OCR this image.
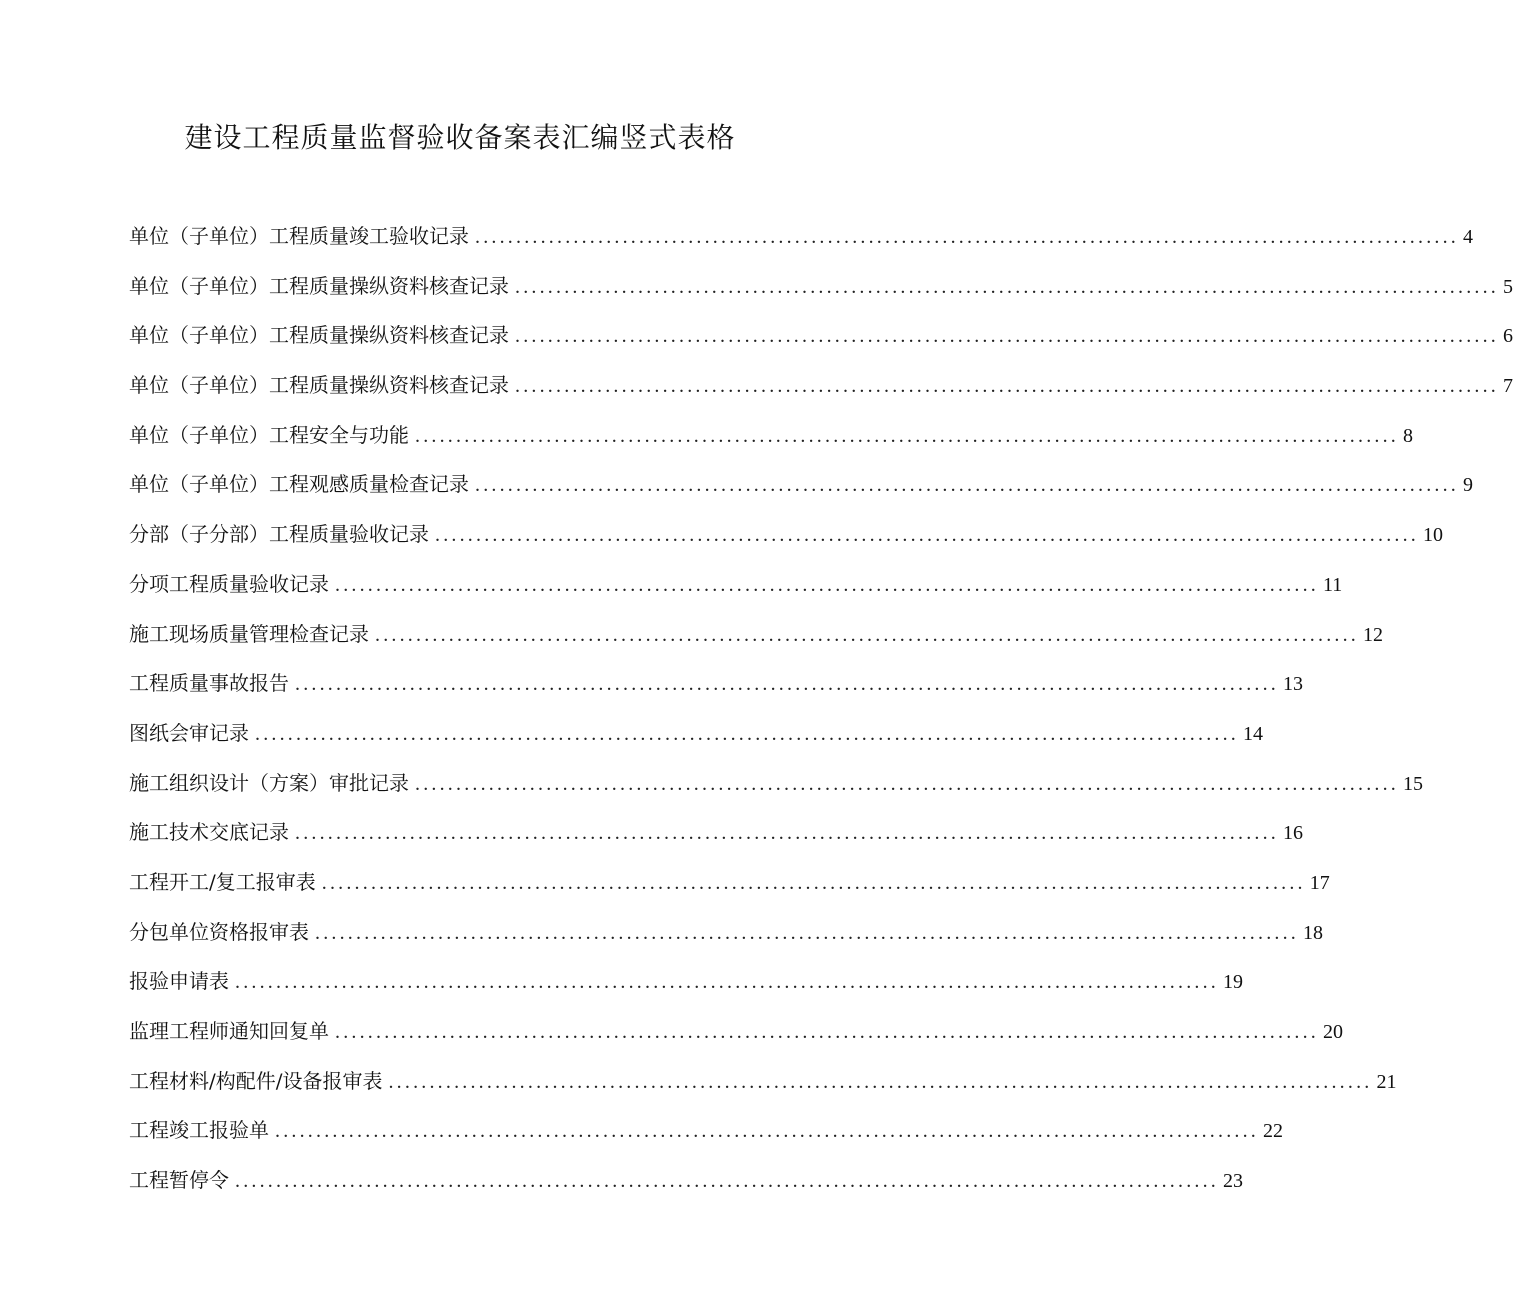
建设工程质量监督验收备案表汇编竖式表格
单位（子单位）工程质量竣工验收记录 ........................................................................................................................ 4
单位（子单位）工程质量操纵资料核查记录 ........................................................................................................................ 5
单位（子单位）工程质量操纵资料核查记录 ........................................................................................................................ 6
单位（子单位）工程质量操纵资料核查记录 ........................................................................................................................ 7
单位（子单位）工程安全与功能 ........................................................................................................................ 8
单位（子单位）工程观感质量检查记录 ........................................................................................................................ 9
分部（子分部）工程质量验收记录 ........................................................................................................................ 10
分项工程质量验收记录 ........................................................................................................................ 11
施工现场质量管理检查记录 ........................................................................................................................ 12
工程质量事故报告 ........................................................................................................................ 13
图纸会审记录 ........................................................................................................................ 14
施工组织设计（方案）审批记录 ........................................................................................................................ 15
施工技术交底记录 ........................................................................................................................ 16
工程开工/复工报审表 ........................................................................................................................ 17
分包单位资格报审表 ........................................................................................................................ 18
报验申请表 ........................................................................................................................ 19
监理工程师通知回复单 ........................................................................................................................ 20
工程材料/构配件/设备报审表 ........................................................................................................................ 21
工程竣工报验单 ........................................................................................................................ 22
工程暂停令 ........................................................................................................................ 23
